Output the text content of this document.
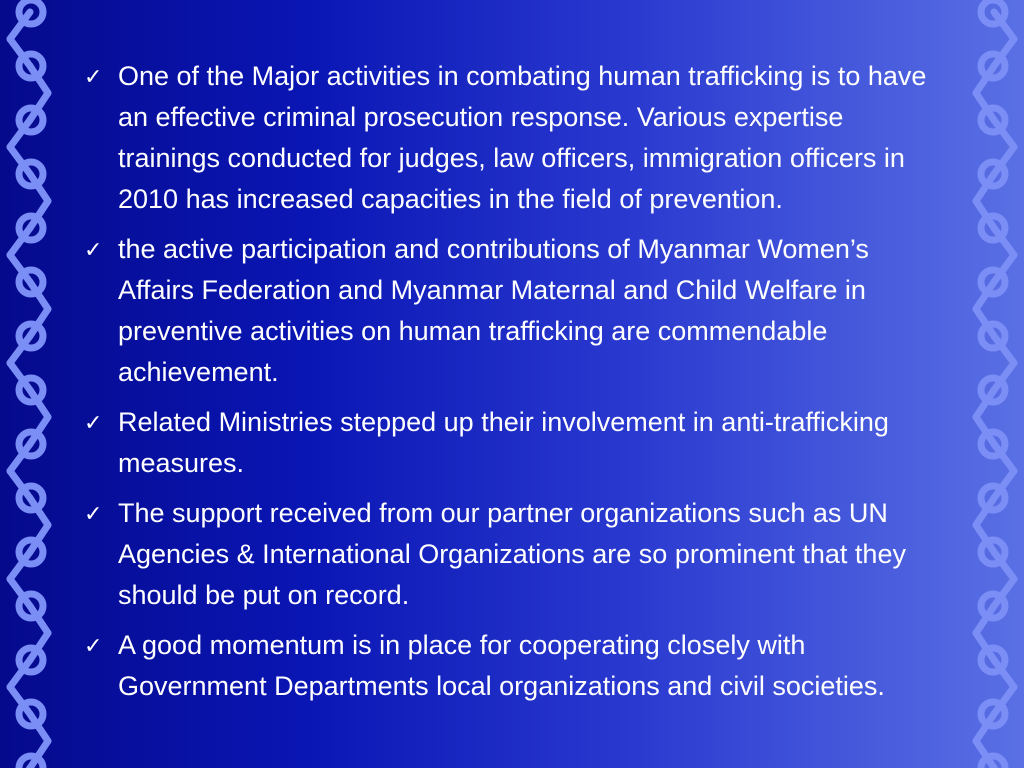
✓ One of the Major activities in combating human trafficking is to have an effective criminal prosecution response. Various expertise trainings conducted for judges, law officers, immigration officers in 2010 has increased capacities in the field of prevention.
✓ the active participation and contributions of Myanmar Women’s Affairs Federation and Myanmar Maternal and Child Welfare in preventive activities on human trafficking are commendable achievement.
✓ Related Ministries stepped up their involvement in anti-trafficking measures.
✓ The support received from our partner organizations such as UN Agencies & International Organizations are so prominent that they should be put on record.
✓ A good momentum is in place for cooperating closely with Government Departments local organizations and civil societies.
